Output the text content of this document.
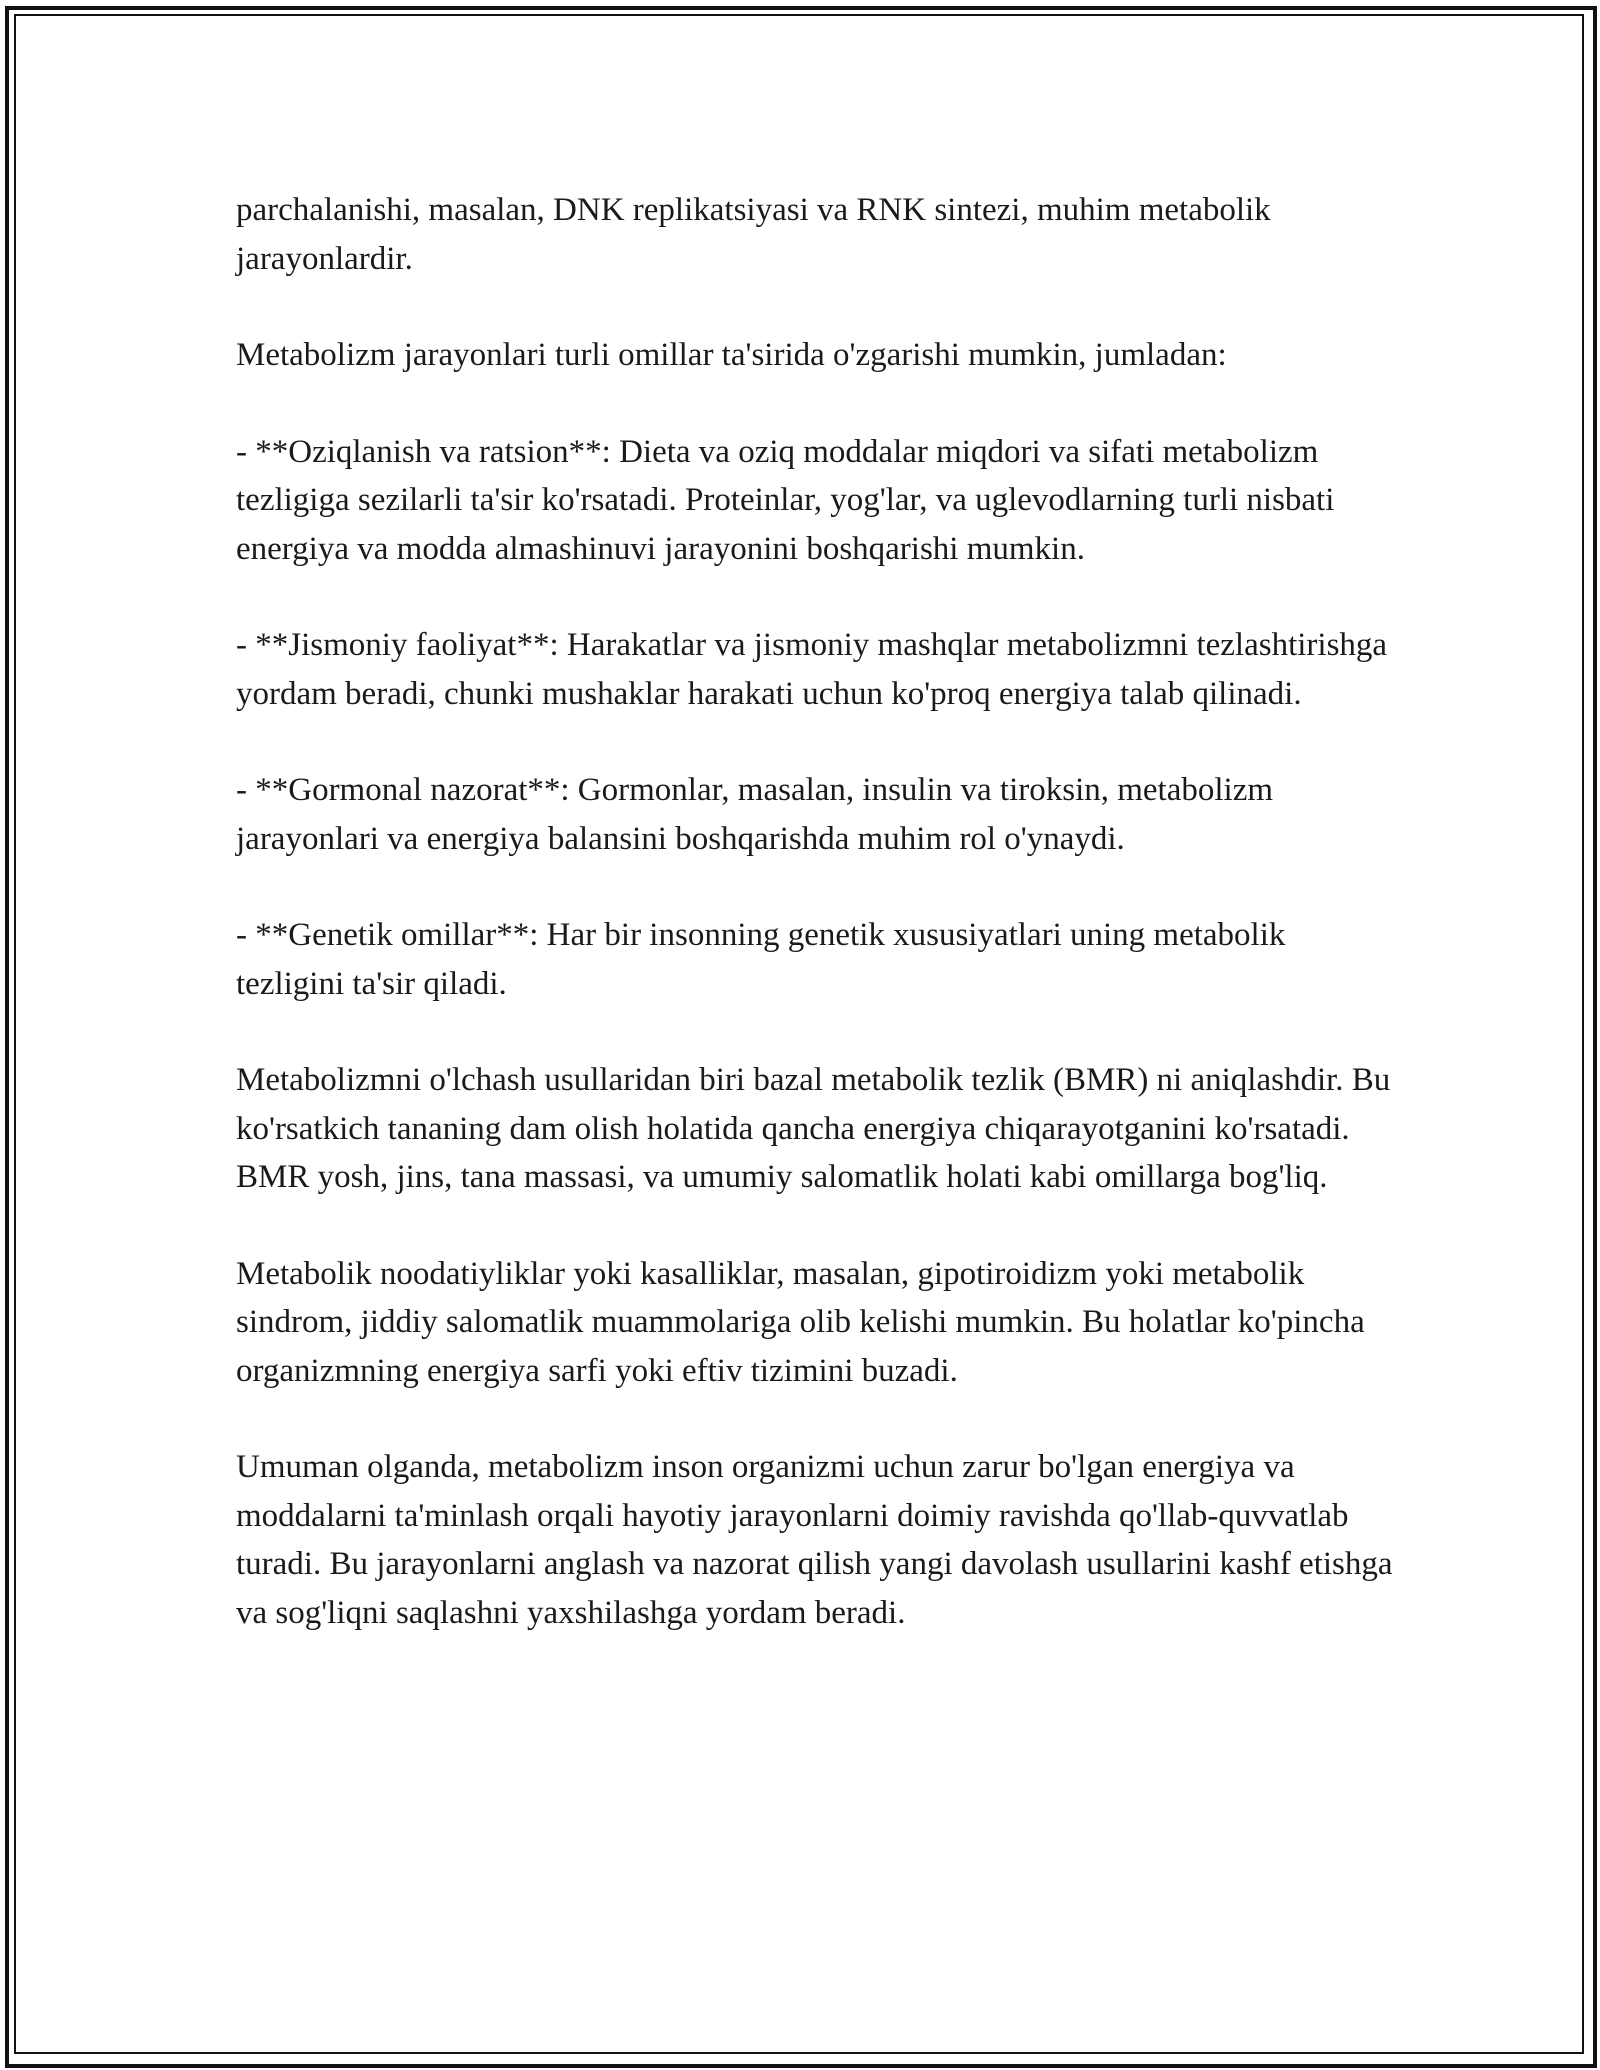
parchalanishi, masalan, DNK replikatsiyasi va RNK sintezi, muhim metabolik jarayonlardir.

Metabolizm jarayonlari turli omillar ta'sirida o'zgarishi mumkin, jumladan:

- **Oziqlanish va ratsion**: Dieta va oziq moddalar miqdori va sifati metabolizm tezligiga sezilarli ta'sir ko'rsatadi. Proteinlar, yog'lar, va uglevodlarning turli nisbati energiya va modda almashinuvi jarayonini boshqarishi mumkin.

- **Jismoniy faoliyat**: Harakatlar va jismoniy mashqlar metabolizmni tezlashtirishga yordam beradi, chunki mushaklar harakati uchun ko'proq energiya talab qilinadi.

- **Gormonal nazorat**: Gormonlar, masalan, insulin va tiroksin, metabolizm jarayonlari va energiya balansini boshqarishda muhim rol o'ynaydi.

- **Genetik omillar**: Har bir insonning genetik xususiyatlari uning metabolik tezligini ta'sir qiladi.

Metabolizmni o'lchash usullaridan biri bazal metabolik tezlik (BMR) ni aniqlashdir. Bu ko'rsatkich tananing dam olish holatida qancha energiya chiqarayotganini ko'rsatadi. BMR yosh, jins, tana massasi, va umumiy salomatlik holati kabi omillarga bog'liq.

Metabolik noodatiyliklar yoki kasalliklar, masalan, gipotiroidizm yoki metabolik sindrom, jiddiy salomatlik muammolariga olib kelishi mumkin. Bu holatlar ko'pincha organizmning energiya sarfi yoki eftiv tizimini buzadi.

Umuman olganda, metabolizm inson organizmi uchun zarur bo'lgan energiya va moddalarni ta'minlash orqali hayotiy jarayonlarni doimiy ravishda qo'llab-quvvatlab turadi. Bu jarayonlarni anglash va nazorat qilish yangi davolash usullarini kashf etishga va sog'liqni saqlashni yaxshilashga yordam beradi.
